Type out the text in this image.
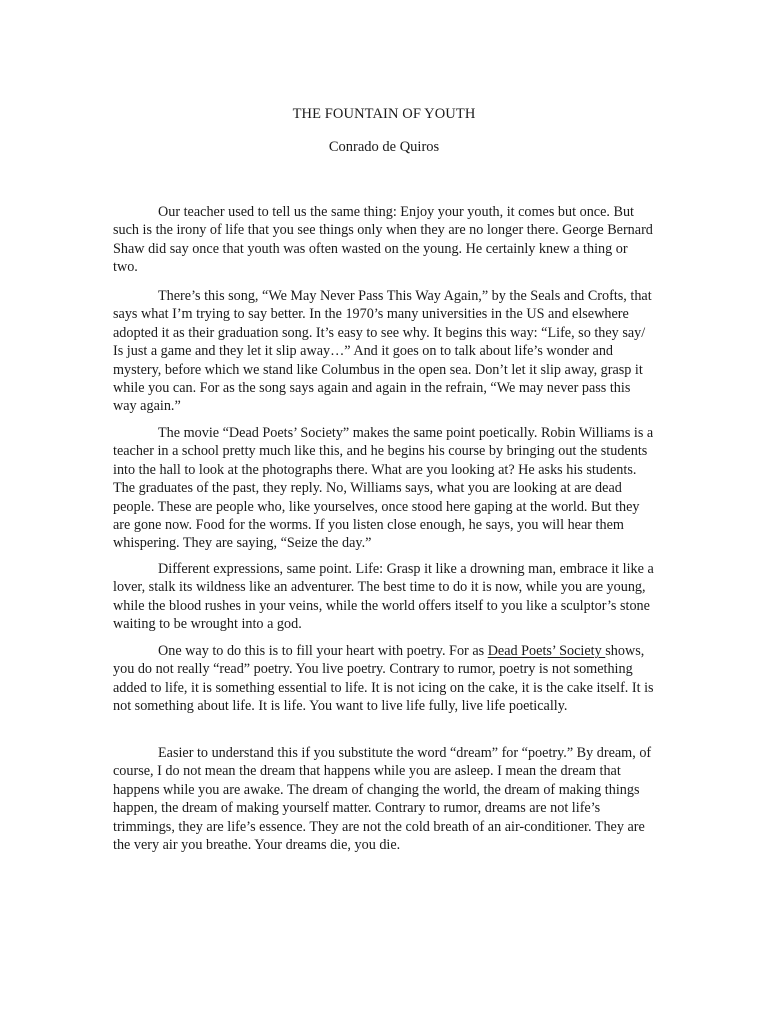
THE FOUNTAIN OF YOUTH
Conrado de Quiros

Our teacher used to tell us the same thing: Enjoy your youth, it comes but once. But such is the irony of life that you see things only when they are no longer there. George Bernard Shaw did say once that youth was often wasted on the young. He certainly knew a thing or two.

There’s this song, “We May Never Pass This Way Again,” by the Seals and Crofts, that says what I’m trying to say better. In the 1970’s many universities in the US and elsewhere adopted it as their graduation song. It’s easy to see why. It begins this way: “Life, so they say/ Is just a game and they let it slip away…” And it goes on to talk about life’s wonder and mystery, before which we stand like Columbus in the open sea. Don’t let it slip away, grasp it while you can. For as the song says again and again in the refrain, “We may never pass this way again.”

The movie “Dead Poets’ Society” makes the same point poetically. Robin Williams is a teacher in a school pretty much like this, and he begins his course by bringing out the students into the hall to look at the photographs there. What are you looking at? He asks his students. The graduates of the past, they reply. No, Williams says, what you are looking at are dead people. These are people who, like yourselves, once stood here gaping at the world. But they are gone now. Food for the worms. If you listen close enough, he says, you will hear them whispering. They are saying, “Seize the day.”

Different expressions, same point. Life: Grasp it like a drowning man, embrace it like a lover, stalk its wildness like an adventurer. The best time to do it is now, while you are young, while the blood rushes in your veins, while the world offers itself to you like a sculptor’s stone waiting to be wrought into a god.

One way to do this is to fill your heart with poetry. For as Dead Poets’ Society shows, you do not really “read” poetry. You live poetry. Contrary to rumor, poetry is not something added to life, it is something essential to life. It is not icing on the cake, it is the cake itself. It is not something about life. It is life. You want to live life fully, live life poetically.

Easier to understand this if you substitute the word “dream” for “poetry.” By dream, of course, I do not mean the dream that happens while you are asleep. I mean the dream that happens while you are awake. The dream of changing the world, the dream of making things happen, the dream of making yourself matter. Contrary to rumor, dreams are not life’s trimmings, they are life’s essence. They are not the cold breath of an air-conditioner. They are the very air you breathe. Your dreams die, you die.
